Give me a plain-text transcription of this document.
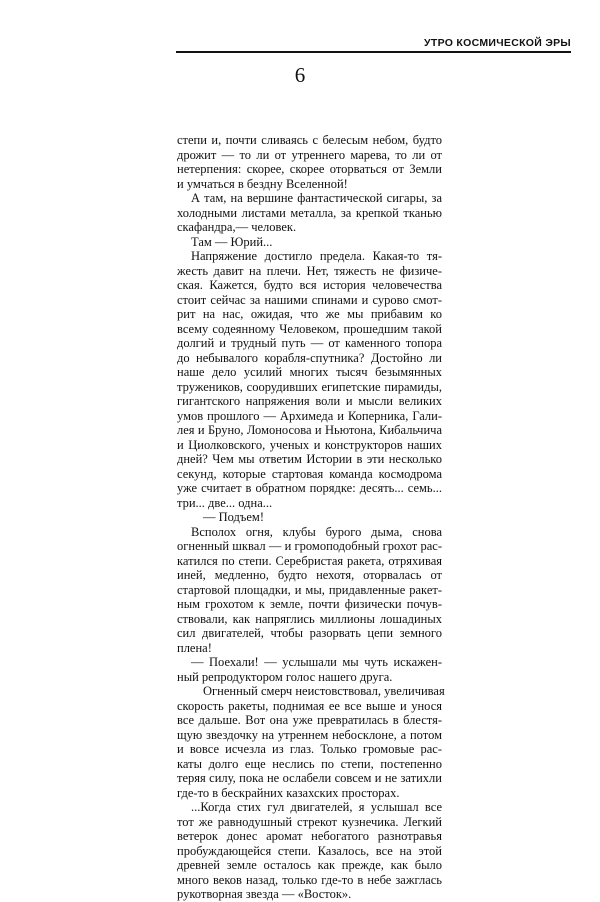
УТРО КОСМИЧЕСКОЙ ЭРЫ
6
степи и, почти сливаясь с белесым небом, будто
дрожит — то ли от утреннего марева, то ли от
нетерпения: скорее, скорее оторваться от Земли
и умчаться в бездну Вселенной!
А там, на вершине фантастической сигары, за
холодными листами металла, за крепкой тканью
скафандра,— человек.
Там — Юрий...
Напряжение достигло предела. Какая-то тя-
жесть давит на плечи. Нет, тяжесть не физиче-
ская. Кажется, будто вся история человечества
стоит сейчас за нашими спинами и сурово смот-
рит на нас, ожидая, что же мы прибавим ко
всему содеянному Человеком, прошедшим такой
долгий и трудный путь — от каменного топора
до небывалого корабля-спутника? Достойно ли
наше дело усилий многих тысяч безымянных
тружеников, соорудивших египетские пирамиды,
гигантского напряжения воли и мысли великих
умов прошлого — Архимеда и Коперника, Гали-
лея и Бруно, Ломоносова и Ньютона, Кибальчича
и Циолковского, ученых и конструкторов наших
дней? Чем мы ответим Истории в эти несколько
секунд, которые стартовая команда космодрома
уже считает в обратном порядке: десять... семь...
три... две... одна...
— Подъем!
Всполох огня, клубы бурого дыма, снова
огненный шквал — и громоподобный грохот рас-
катился по степи. Серебристая ракета, отряхивая
иней, медленно, будто нехотя, оторвалась от
стартовой площадки, и мы, придавленные ракет-
ным грохотом к земле, почти физически почув-
ствовали, как напряглись миллионы лошадиных
сил двигателей, чтобы разорвать цепи земного
плена!
— Поехали! — услышали мы чуть искажен-
ный репродуктором голос нашего друга.
Огненный смерч неистовствовал, увеличивая
скорость ракеты, поднимая ее все выше и унося
все дальше. Вот она уже превратилась в блестя-
щую звездочку на утреннем небосклоне, а потом
и вовсе исчезла из глаз. Только громовые рас-
каты долго еще неслись по степи, постепенно
теряя силу, пока не ослабели совсем и не затихли
где-то в бескрайних казахских просторах.
...Когда стих гул двигателей, я услышал все
тот же равнодушный стрекот кузнечика. Легкий
ветерок донес аромат небогатого разнотравья
пробуждающейся степи. Казалось, все на этой
древней земле осталось как прежде, как было
много веков назад, только где-то в небе зажглась
рукотворная звезда — «Восток».
